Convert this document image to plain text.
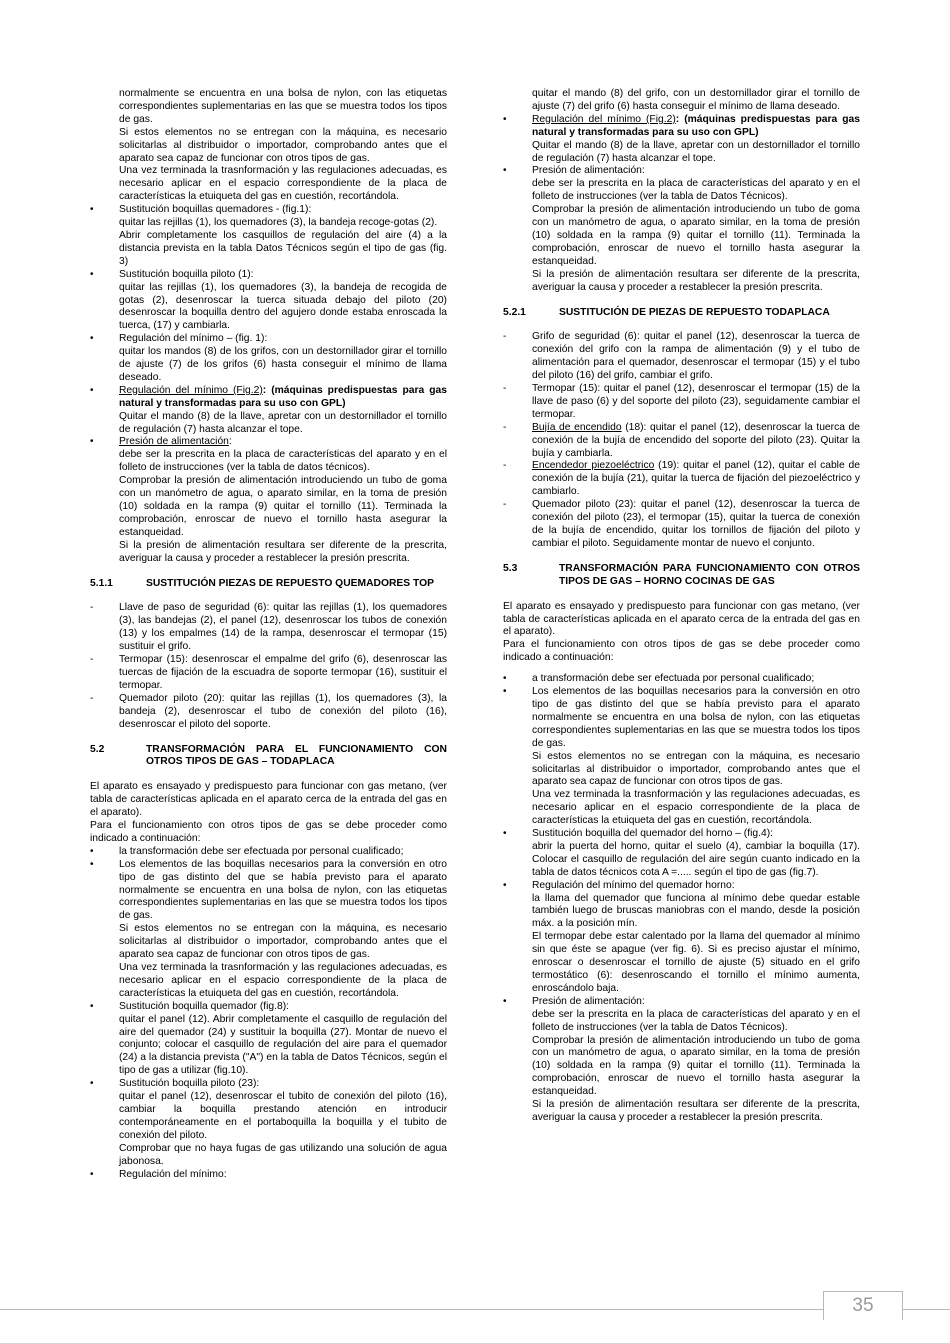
normalmente se encuentra en una bolsa de nylon, con las etiquetas correspondientes suplementarias en las que se muestra todos los tipos de gas.

Si estos elementos no se entregan con la máquina, es necesario solicitarlas al distribuidor o importador, comprobando antes que el aparato sea capaz de funcionar con otros tipos de gas.

Una vez terminada la trasnformación y las regulaciones adecuadas, es necesario aplicar en el espacio correspondiente de la placa de características la etuiqueta del gas en cuestión, recortándola.

• Sustitución boquillas quemadores - (fig.1):

quitar las rejillas (1), los quemadores (3), la bandeja recoge-gotas (2).

Abrir completamente los casquillos de regulación del aire (4) a la distancia prevista en la tabla Datos Técnicos según el tipo de gas (fig. 3)

• Sustitución boquilla piloto (1):

quitar las rejillas (1), los quemadores (3), la bandeja de recogida de gotas (2), desenroscar la tuerca situada debajo del piloto (20) desenroscar la boquilla dentro del agujero donde estaba enroscada la tuerca, (17) y cambiarla.

• Regulación del mínimo – (fig. 1):

quitar los mandos (8) de los grifos, con un destornillador girar el tornillo de ajuste (7) de los grifos (6) hasta conseguir el mínimo de llama deseado.

• Regulación del mínimo (Fig.2): (máquinas predispuestas para gas natural y transformadas para su uso con GPL)

Quitar el mando (8) de la llave, apretar con un destornillador el tornillo de regulación (7) hasta alcanzar el tope.

• Presión de alimentación:

debe ser la prescrita en la placa de características del aparato y en el folleto de instrucciones (ver la tabla de datos técnicos).

Comprobar la presión de alimentación introduciendo un tubo de goma con un manómetro de agua, o aparato similar, en la toma de presión (10) soldada en la rampa (9) quitar el tornillo (11). Terminada la comprobación, enroscar de nuevo el tornillo hasta asegurar la estanqueidad.

Si la presión de alimentación resultara ser diferente de la prescrita, averiguar la causa y proceder a restablecer la presión prescrita.

5.1.1	SUSTITUCIÓN PIEZAS DE REPUESTO QUEMADORES TOP
- Llave de paso de seguridad (6): quitar las rejillas (1), los quemadores (3), las bandejas (2), el panel (12), desenroscar los tubos de conexión (13) y los empalmes (14) de la rampa, desenroscar el termopar (15) sustituir el grifo.
- Termopar (15): desenroscar el empalme del grifo (6), desenroscar las tuercas de fijación de la escuadra de soporte termopar (16), sustituir el termopar.
- Quemador piloto (20): quitar las rejillas (1), los quemadores (3), la bandeja (2), desenroscar el tubo de conexión del piloto (16), desenroscar el piloto del soporte.
5.2	TRANSFORMACIÓN PARA EL FUNCIONAMIENTO CON OTROS TIPOS DE GAS – TODAPLACA

El aparato es ensayado y predispuesto para funcionar con gas metano, (ver tabla de características aplicada en el aparato cerca de la entrada del gas en el aparato).

Para el funcionamiento con otros tipos de gas se debe proceder como indicado a continuación:

• la transformación debe ser efectuada por personal cualificado;

• Los elementos de las boquillas necesarios para la conversión en otro tipo de gas distinto del que se había previsto para el aparato normalmente se encuentra en una bolsa de nylon, con las etiquetas correspondientes suplementarias en las que se muestra todos los tipos de gas.

Si estos elementos no se entregan con la máquina, es necesario solicitarlas al distribuidor o importador, comprobando antes que el aparato sea capaz de funcionar con otros tipos de gas.

Una vez terminada la trasnformación y las regulaciones adecuadas, es necesario aplicar en el espacio correspondiente de la placa de características la etuiqueta del gas en cuestión, recortándola.

• Sustitución boquilla quemador (fig.8):

quitar el panel (12). Abrir completamente el casquillo de regulación del aire del quemador (24) y sustituir la boquilla (27). Montar de nuevo el conjunto; colocar el casquillo de regulación del aire para el quemador (24) a la distancia prevista ("A") en la tabla de Datos Técnicos, según el tipo de gas a utilizar (fig.10).

• Sustitución boquilla piloto (23):

quitar el panel (12), desenroscar el tubito de conexión del piloto (16), cambiar la boquilla prestando atención en introducir contemporáneamente en el portaboquilla la boquilla y el tubito de conexión del piloto.

Comprobar que no haya fugas de gas utilizando una solución de agua jabonosa.

• Regulación del mínimo:

quitar el mando (8) del grifo, con un destornillador girar el tornillo de ajuste (7) del grifo (6) hasta conseguir el mínimo de llama deseado.

• Regulación del mínimo (Fig.2): (máquinas predispuestas para gas natural y transformadas para su uso con GPL)

Quitar el mando (8) de la llave, apretar con un destornillador el tornillo de regulación (7) hasta alcanzar el tope.

• Presión de alimentación:

debe ser la prescrita en la placa de características del aparato y en el folleto de instrucciones (ver la tabla de Datos Técnicos).

Comprobar la presión de alimentación introduciendo un tubo de goma con un manómetro de agua, o aparato similar, en la toma de presión (10) soldada en la rampa (9) quitar el tornillo (11). Terminada la comprobación, enroscar de nuevo el tornillo hasta asegurar la estanqueidad.

Si la presión de alimentación resultara ser diferente de la prescrita, averiguar la causa y proceder a restablecer la presión prescrita.

5.2.1	SUSTITUCIÓN DE PIEZAS DE REPUESTO TODAPLACA
- Grifo de seguridad (6): quitar el panel (12), desenroscar la tuerca de conexión del grifo con la rampa de alimentación (9) y el tubo de alimentación para el quemador, desenroscar el termopar (15) y el tubo del piloto (16) del grifo, cambiar el grifo.
- Termopar (15): quitar el panel (12), desenroscar el termopar (15) de la llave de paso (6) y del soporte del piloto (23), seguidamente cambiar el termopar.
- Bujía de encendido (18): quitar el panel (12), desenroscar la tuerca de conexión de la bujía de encendido del soporte del piloto (23). Quitar la bujía y cambiarla.
- Encendedor piezoeléctrico (19): quitar el panel (12), quitar el cable de conexión de la bujía (21), quitar la tuerca de fijación del piezoeléctrico y cambiarlo.
- Quemador piloto (23): quitar el panel (12), desenroscar la tuerca de conexión del piloto (23), el termopar (15), quitar la tuerca de conexión de la bujía de encendido, quitar los tornillos de fijación del piloto y cambiar el piloto. Seguidamente montar de nuevo el conjunto.
5.3	TRANSFORMACIÓN PARA FUNCIONAMIENTO CON OTROS TIPOS DE GAS – HORNO COCINAS DE GAS

El aparato es ensayado y predispuesto para funcionar con gas metano, (ver tabla de características aplicada en el aparato cerca de la entrada del gas en el aparato).

Para el funcionamiento con otros tipos de gas se debe proceder como indicado a continuación:

• a transformación debe ser efectuada por personal cualificado;

• Los elementos de las boquillas necesarios para la conversión en otro tipo de gas distinto del que se había previsto para el aparato normalmente se encuentra en una bolsa de nylon, con las etiquetas correspondientes suplementarias en las que se muestra todos los tipos de gas.

Si estos elementos no se entregan con la máquina, es necesario solicitarlas al distribuidor o importador, comprobando antes que el aparato sea capaz de funcionar con otros tipos de gas.

Una vez terminada la trasnformación y las regulaciones adecuadas, es necesario aplicar en el espacio correspondiente de la placa de características la etuiqueta del gas en cuestión, recortándola.

• Sustitución boquilla del quemador del horno – (fig.4):

abrir la puerta del horno, quitar el suelo (4), cambiar la boquilla (17). Colocar el casquillo de regulación del aire según cuanto indicado en la tabla de datos técnicos cota A =..... según el tipo de gas (fig.7).

• Regulación del mínimo del quemador horno:

la llama del quemador que funciona al mínimo debe quedar estable también luego de bruscas maniobras con el mando, desde la posición máx. a la posición mín.

El termopar debe estar calentado por la llama del quemador al mínimo sin que éste se apague (ver fig. 6). Si es preciso ajustar el mínimo, enroscar o desenroscar el tornillo de ajuste (5) situado en el grifo termostático (6): desenroscando el tornillo el mínimo aumenta, enroscándolo baja.

• Presión de alimentación:

debe ser la prescrita en la placa de características del aparato y en el folleto de instrucciones (ver la tabla de Datos Técnicos).

Comprobar la presión de alimentación introduciendo un tubo de goma con un manómetro de agua, o aparato similar, en la toma de presión (10) soldada en la rampa (9) quitar el tornillo (11). Terminada la comprobación, enroscar de nuevo el tornillo hasta asegurar la estanqueidad.

Si la presión de alimentación resultara ser diferente de la prescrita, averiguar la causa y proceder a restablecer la presión prescrita.

35
